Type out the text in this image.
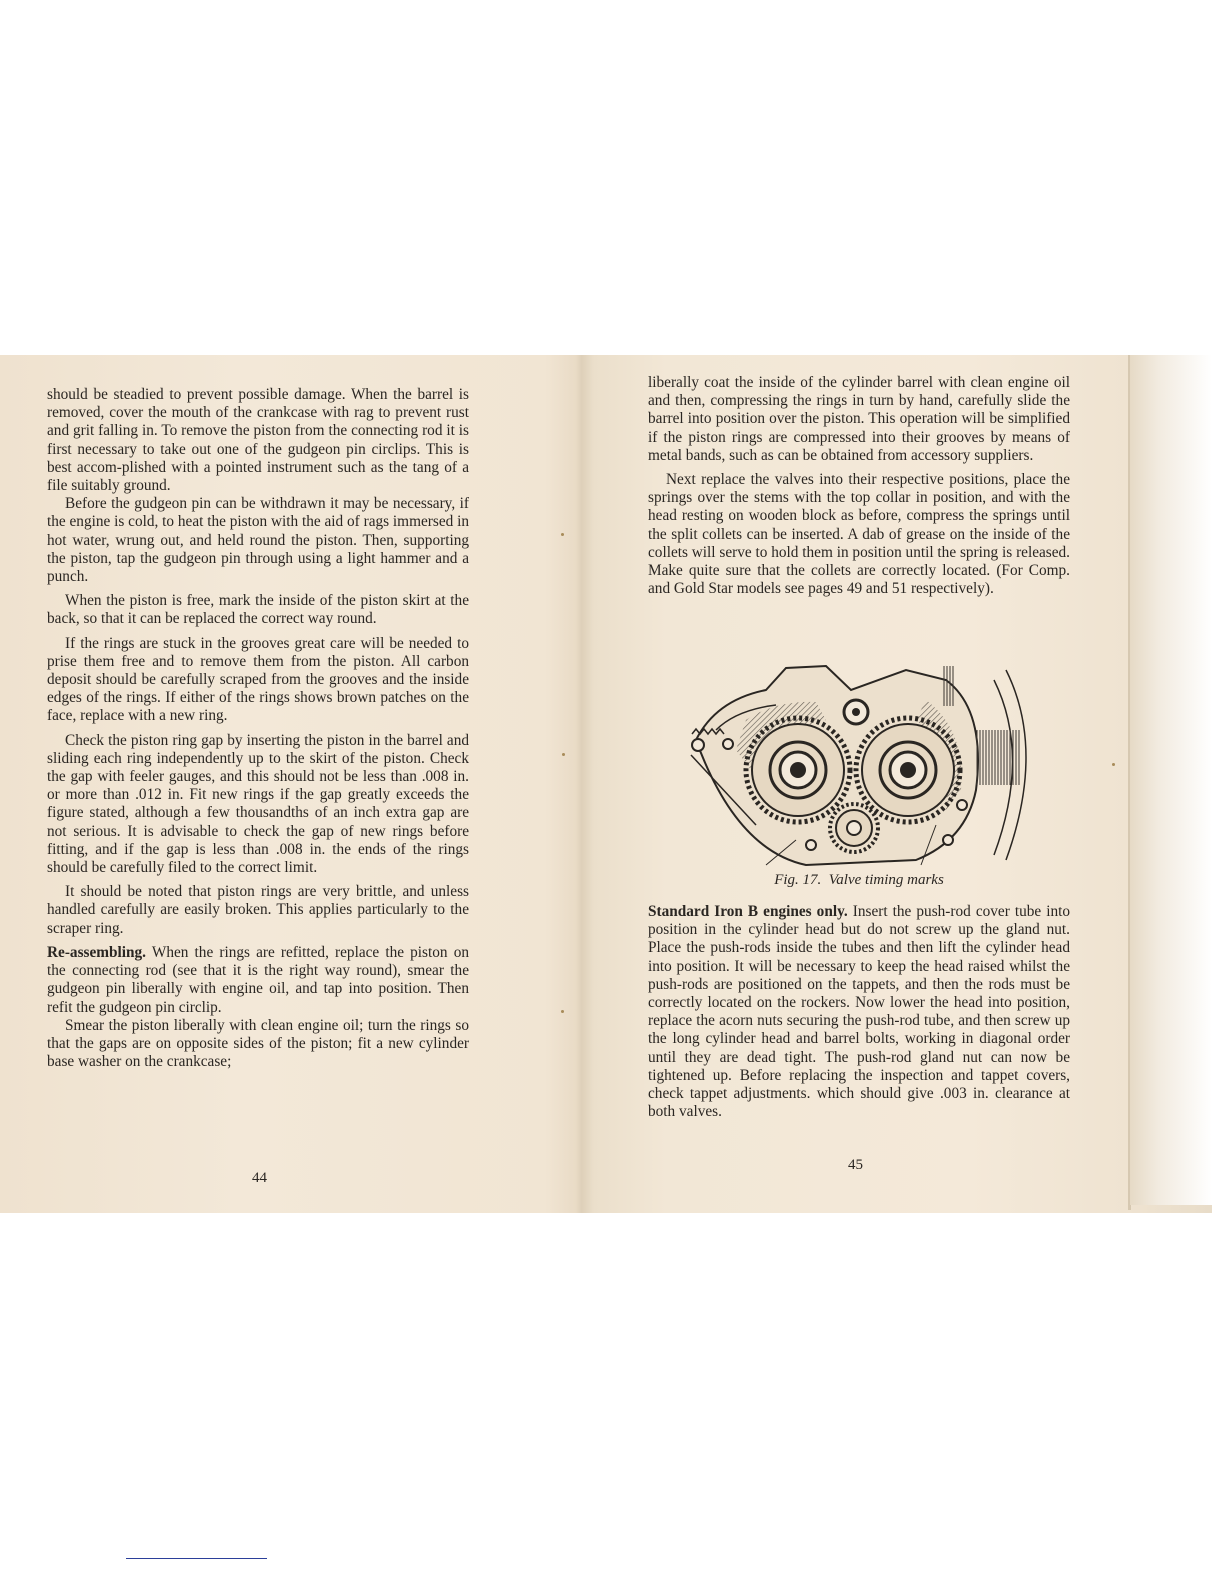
should be steadied to prevent possible damage. When the barrel is removed, cover the mouth of the crankcase with rag to prevent rust and grit falling in. To remove the piston from the connecting rod it is first necessary to take out one of the gudgeon pin circlips. This is best accom-plished with a pointed instrument such as the tang of a file suitably ground.

Before the gudgeon pin can be withdrawn it may be necessary, if the engine is cold, to heat the piston with the aid of rags immersed in hot water, wrung out, and held round the piston. Then, supporting the piston, tap the gudgeon pin through using a light hammer and a punch.

When the piston is free, mark the inside of the piston skirt at the back, so that it can be replaced the correct way round.

If the rings are stuck in the grooves great care will be needed to prise them free and to remove them from the piston. All carbon deposit should be carefully scraped from the grooves and the inside edges of the rings. If either of the rings shows brown patches on the face, replace with a new ring.

Check the piston ring gap by inserting the piston in the barrel and sliding each ring independently up to the skirt of the piston. Check the gap with feeler gauges, and this should not be less than .008 in. or more than .012 in. Fit new rings if the gap greatly exceeds the figure stated, although a few thousandths of an inch extra gap are not serious. It is advisable to check the gap of new rings before fitting, and if the gap is less than .008 in. the ends of the rings should be carefully filed to the correct limit.

It should be noted that piston rings are very brittle, and unless handled carefully are easily broken. This applies particularly to the scraper ring.

Re-assembling. When the rings are refitted, replace the piston on the connecting rod (see that it is the right way round), smear the gudgeon pin liberally with engine oil, and tap into position. Then refit the gudgeon pin circlip.

Smear the piston liberally with clean engine oil; turn the rings so that the gaps are on opposite sides of the piston; fit a new cylinder base washer on the crankcase;

44

liberally coat the inside of the cylinder barrel with clean engine oil and then, compressing the rings in turn by hand, carefully slide the barrel into position over the piston. This operation will be simplified if the piston rings are compressed into their grooves by means of metal bands, such as can be obtained from accessory suppliers.

Next replace the valves into their respective positions, place the springs over the stems with the top collar in position, and with the head resting on wooden block as before, compress the springs until the split collets can be inserted. A dab of grease on the inside of the collets will serve to hold them in position until the spring is released. Make quite sure that the collets are correctly located. (For Comp. and Gold Star models see pages 49 and 51 respectively).

Fig. 17. Valve timing marks

Standard Iron B engines only. Insert the push-rod cover tube into position in the cylinder head but do not screw up the gland nut. Place the push-rods inside the tubes and then lift the cylinder head into position. It will be necessary to keep the head raised whilst the push-rods are positioned on the tappets, and then the rods must be correctly located on the rockers. Now lower the head into position, replace the acorn nuts securing the push-rod tube, and then screw up the long cylinder head and barrel bolts, working in diagonal order until they are dead tight. The push-rod gland nut can now be tightened up. Before replacing the inspection and tappet covers, check tappet adjustments. which should give .003 in. clearance at both valves.

45
